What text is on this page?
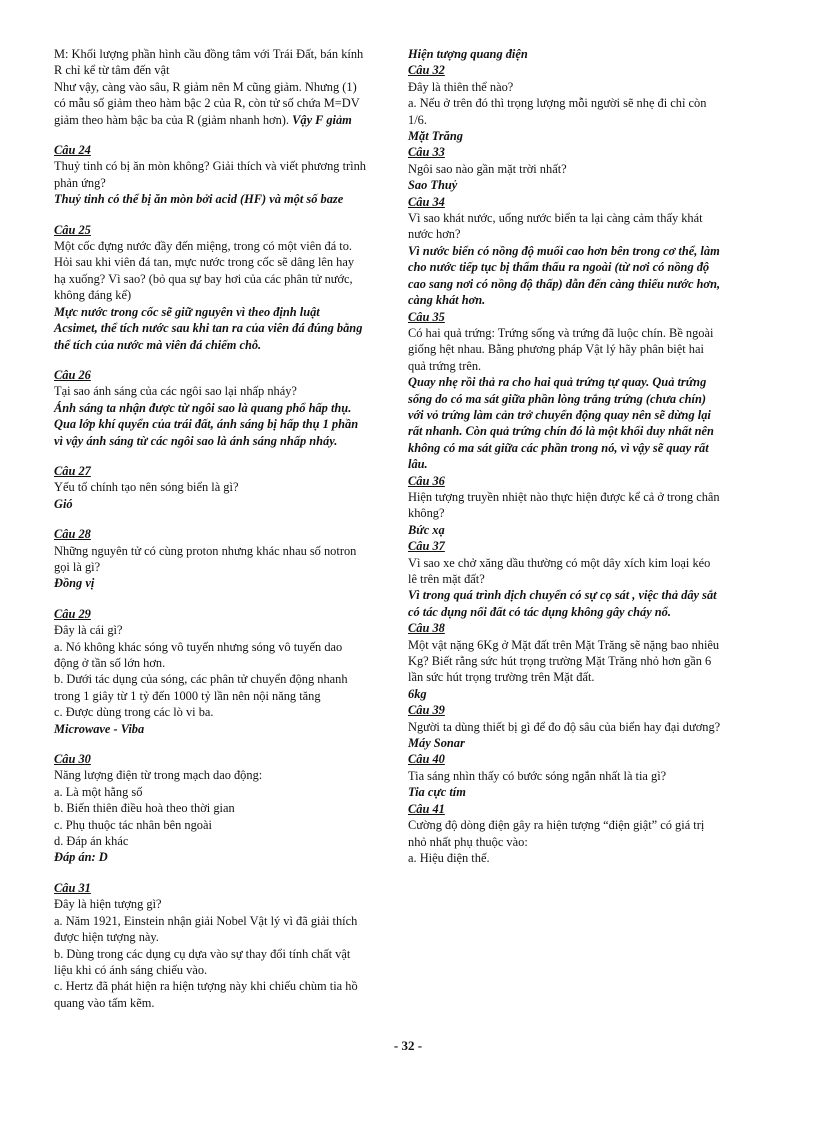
M: Khối lượng phần hình cầu đồng tâm với Trái Đất, bán kính
R chỉ kể từ tâm đến vật
Như vậy, càng vào sâu, R giảm nên M cũng giảm. Nhưng (1)
có mẫu số giảm theo hàm bậc 2 của R, còn tử số chứa M=DV
giảm theo hàm bậc ba của R (giảm nhanh hơn). Vậy F giảm
Câu 24
Thuỷ tinh có bị ăn mòn không? Giải thích và viết phương trình
phản ứng?
Thuỷ tinh có thể bị ăn mòn bởi acid (HF) và một số baze
Câu 25
Một cốc đựng nước đầy đến miệng, trong có một viên đá to.
Hỏi sau khi viên đá tan, mực nước trong cốc sẽ dâng lên hay
hạ xuống? Vì sao? (bỏ qua sự bay hơi của các phân tử nước,
không đáng kể)
Mực nước trong cốc sẽ giữ nguyên vì theo định luật
Acsimet, thể tích nước sau khi tan ra của viên đá đúng bằng
thể tích của nước mà viên đá chiếm chỗ.
Câu 26
Tại sao ánh sáng của các ngôi sao lại nhấp nháy?
Ánh sáng ta nhận được từ ngôi sao là quang phổ hấp thụ.
Qua lớp khí quyển của trái đất, ánh sáng bị hấp thụ 1 phần
vì vậy ánh sáng từ các ngôi sao là ánh sáng nhấp nháy.
Câu 27
Yếu tố chính tạo nên sóng biển là gì?
Gió
Câu 28
Những nguyên tử có cùng proton nhưng khác nhau số notron
gọi là gì?
Đồng vị
Câu 29
Đây là cái gì?
a. Nó không khác sóng vô tuyến nhưng sóng vô tuyến dao
động ở tần số lớn hơn.
b. Dưới tác dụng của sóng, các phân tử chuyển động nhanh
trong 1 giây từ 1 tỷ đến 1000 tỷ lần nên nội năng tăng
c. Được dùng trong các lò vi ba.
Microwave - Viba
Câu 30
Năng lượng điện từ trong mạch dao động:
a. Là một hằng số
b. Biến thiên điều hoà theo thời gian
c. Phụ thuộc tác nhân bên ngoài
d. Đáp án khác
Đáp án: D
Câu 31
Đây là hiện tượng gì?
a. Năm 1921, Einstein nhận giải Nobel Vật lý vì đã giải thích
được hiện tượng này.
b. Dùng trong các dụng cụ dựa vào sự thay đổi tính chất vật
liệu khi có ánh sáng chiếu vào.
c. Hertz đã phát hiện ra hiện tượng này khi chiếu chùm tia hồ
quang vào tấm kẽm.
Hiện tượng quang điện
Câu 32
Đây là thiên thể nào?
a. Nếu ở trên đó thì trọng lượng mỗi người sẽ nhẹ đi chỉ còn
1/6.
Mặt Trăng
Câu 33
Ngôi sao nào gần mặt trời nhất?
Sao Thuỷ
Câu 34
Vì sao khát nước, uống nước biển ta lại càng cảm thấy khát
nước hơn?
Vì nước biển có nồng độ muối cao hơn bên trong cơ thể, làm
cho nước tiếp tục bị thẩm thấu ra ngoài (từ nơi có nồng độ
cao sang nơi có nồng độ thấp) dẫn đến càng thiếu nước hơn,
càng khát hơn.
Câu 35
Có hai quả trứng: Trứng sống và trứng đã luộc chín. Bề ngoài
giống hệt nhau. Bằng phương pháp Vật lý hãy phân biệt hai
quả trứng trên.
Quay nhẹ rồi thả ra cho hai quả trứng tự quay. Quả trứng
sống do có ma sát giữa phần lòng trắng trứng (chưa chín)
với vỏ trứng làm cản trở chuyển động quay nên sẽ dừng lại
rất nhanh. Còn quả trứng chín đó là một khối duy nhất nên
không có ma sát giữa các phần trong nó, vì vậy sẽ quay rất
lâu.
Câu 36
Hiện tượng truyền nhiệt nào thực hiện được kể cả ở trong chân
không?
Bức xạ
Câu 37
Vì sao xe chở xăng dầu thường có một dây xích kim loại kéo
lê trên mặt đất?
Vì trong quá trình dịch chuyển có sự cọ sát , việc thả dây sắt
có tác dụng nối đất có tác dụng không gây cháy nổ.
Câu 38
Một vật nặng 6Kg ở Mặt đất trên Mặt Trăng sẽ nặng bao nhiêu
Kg? Biết rằng sức hút trọng trường Mặt Trăng nhỏ hơn gần 6
lần sức hút trọng trường trên Mặt đất.
6kg
Câu 39
Người ta dùng thiết bị gì để đo độ sâu của biển hay đại dương?
Máy Sonar
Câu 40
Tia sáng nhìn thấy có bước sóng ngắn nhất là tia gì?
Tia cực tím
Câu 41
Cường độ dòng điện gây ra hiện tượng “điện giật” có giá trị
nhỏ nhất phụ thuộc vào:
a. Hiệu điện thế.
- 32 -
